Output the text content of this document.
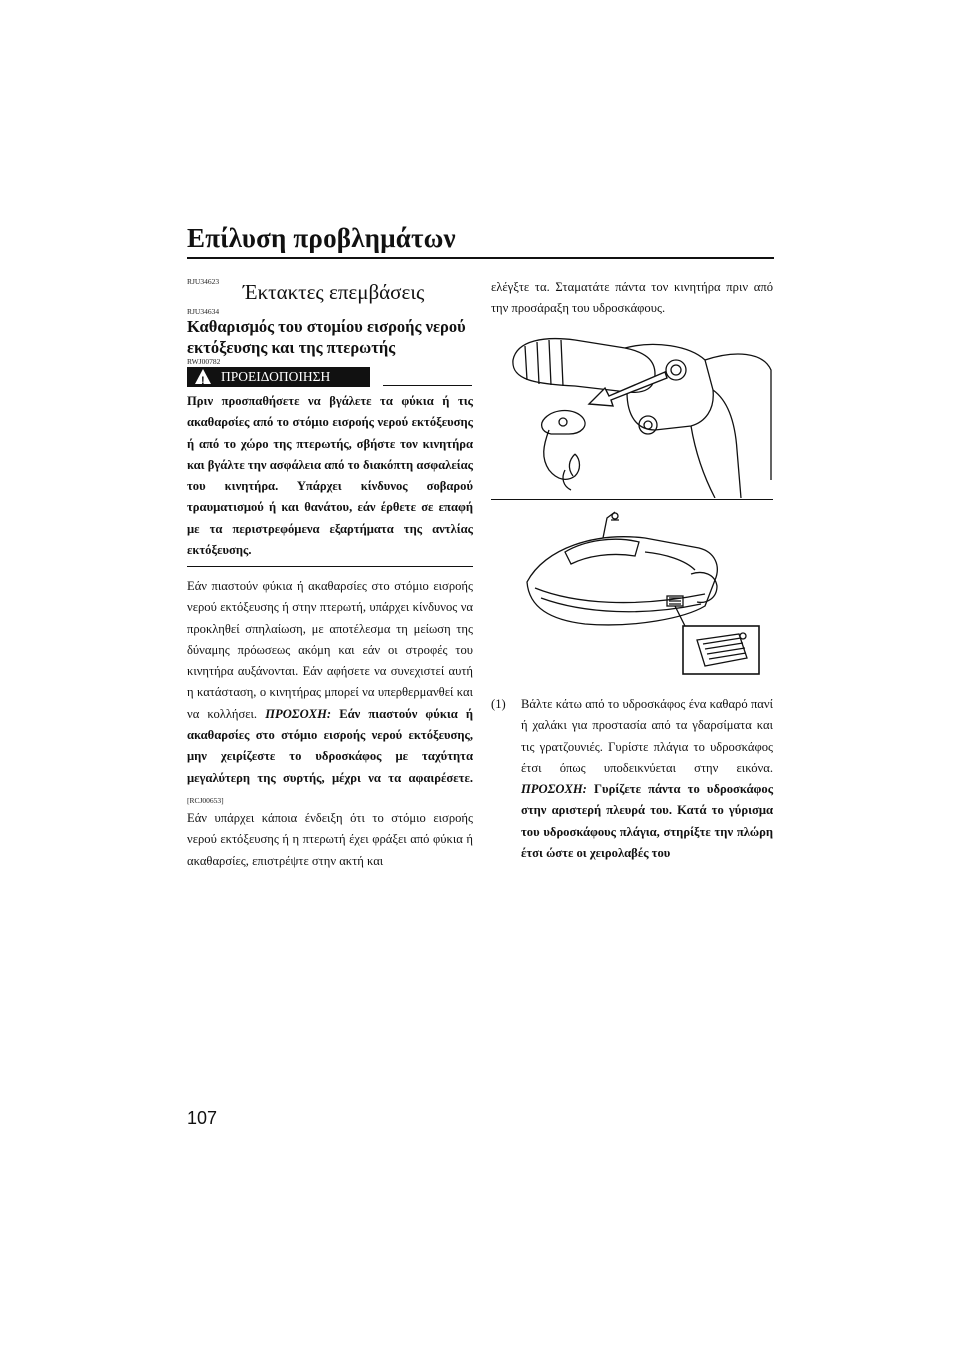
Επίλυση προβλημάτων
RJU34623 Έκτακτες επεμβάσεις
RJU34634
Καθαρισμός του στομίου εισροής νερού εκτόξευσης και της πτερωτής
RWJ00782
! ΠΡΟΕΙΔΟΠΟΙΗΣΗ
Πριν προσπαθήσετε να βγάλετε τα φύκια ή τις ακαθαρσίες από το στόμιο εισροής νερού εκτόξευσης ή από το χώρο της πτερωτής, σβήστε τον κινητήρα και βγάλτε την ασφάλεια από το διακόπτη ασφαλείας του κινητήρα. Υπάρχει κίνδυνος σοβαρού τραυματισμού ή και θανάτου, εάν έρθετε σε επαφή με τα περιστρεφόμενα εξαρτήματα της αντλίας εκτόξευσης.
Εάν πιαστούν φύκια ή ακαθαρσίες στο στόμιο εισροής νερού εκτόξευσης ή στην πτερωτή, υπάρχει κίνδυνος να προκληθεί σπηλαίωση, με αποτέλεσμα τη μείωση της δύναμης πρόωσεως ακόμη και εάν οι στροφές του κινητήρα αυξάνονται. Εάν αφήσετε να συνεχιστεί αυτή η κατάσταση, ο κινητήρας μπορεί να υπερθερμανθεί και να κολλήσει. ΠΡΟΣΟΧΗ: Εάν πιαστούν φύκια ή ακαθαρσίες στο στόμιο εισροής νερού εκτόξευσης, μην χειρίζεστε το υδροσκάφος με ταχύτητα μεγαλύτερη της συρτής, μέχρι να τα αφαιρέσετε. [RCJ00653]
Εάν υπάρχει κάποια ένδειξη ότι το στόμιο εισροής νερού εκτόξευσης ή η πτερωτή έχει φράξει από φύκια ή ακαθαρσίες, επιστρέψτε στην ακτή και
ελέγξτε τα. Σταματάτε πάντα τον κινητήρα πριν από την προσάραξη του υδροσκάφους.
(1) Βάλτε κάτω από το υδροσκάφος ένα καθαρό πανί ή χαλάκι για προστασία από τα γδαρσίματα και τις γρατζουνιές. Γυρίστε πλάγια το υδροσκάφος έτσι όπως υποδεικνύεται στην εικόνα. ΠΡΟΣΟΧΗ: Γυρίζετε πάντα το υδροσκάφος στην αριστερή πλευρά του. Κατά το γύρισμα του υδροσκάφους πλάγια, στηρίξτε την πλώρη έτσι ώστε οι χειρολαβές του
107
